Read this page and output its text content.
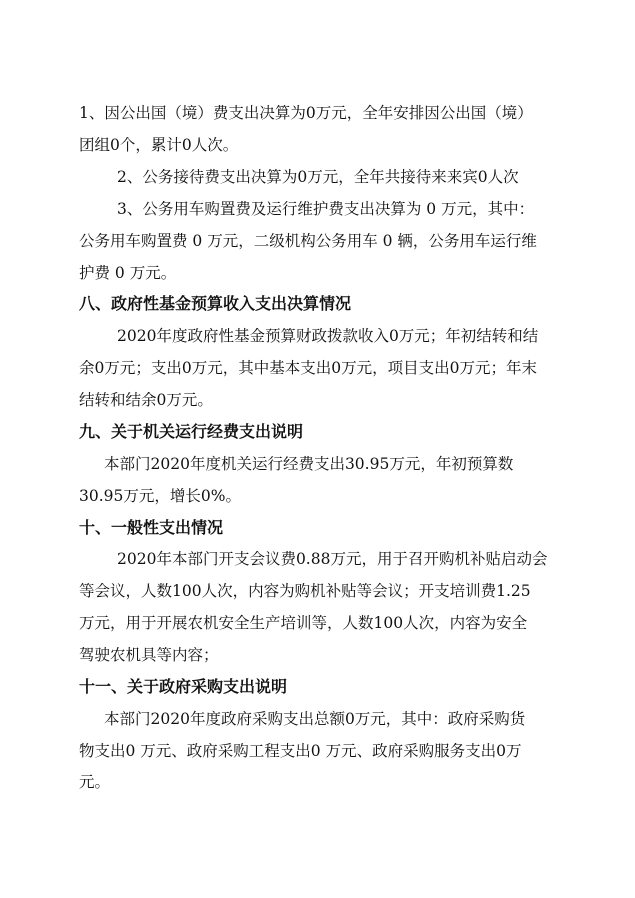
1、因公出国（境）费支出决算为0万元，全年安排因公出国（境）
团组0个，累计0人次。
2、公务接待费支出决算为0万元，全年共接待来来宾0人次
3、公务用车购置费及运行维护费支出决算为 0 万元，其中：
公务用车购置费 0 万元，二级机构公务用车 0 辆，公务用车运行维
护费 0 万元。
八、政府性基金预算收入支出决算情况
2020年度政府性基金预算财政拨款收入0万元；年初结转和结
余0万元；支出0万元，其中基本支出0万元，项目支出0万元；年末
结转和结余0万元。
九、关于机关运行经费支出说明
本部门2020年度机关运行经费支出30.95万元，年初预算数
30.95万元，增长0%。
十、一般性支出情况
2020年本部门开支会议费0.88万元，用于召开购机补贴启动会
等会议，人数100人次，内容为购机补贴等会议；开支培训费1.25
万元，用于开展农机安全生产培训等，人数100人次，内容为安全
驾驶农机具等内容；
十一、关于政府采购支出说明
本部门2020年度政府采购支出总额0万元，其中：政府采购货
物支出0 万元、政府采购工程支出0 万元、政府采购服务支出0万
元。
